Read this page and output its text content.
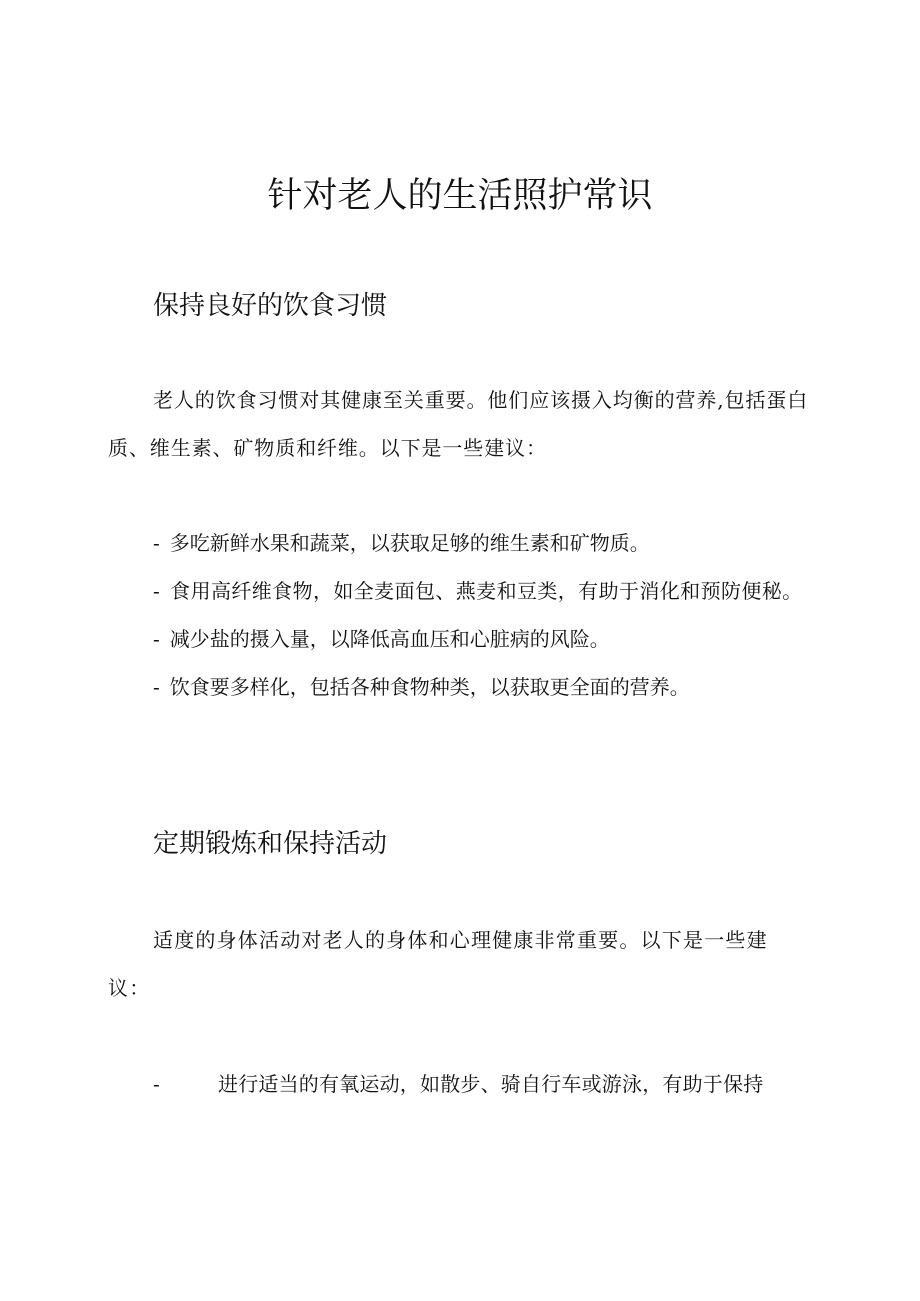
针对老人的生活照护常识
保持良好的饮食习惯

老人的饮食习惯对其健康至关重要。他们应该摄入均衡的营养,包括蛋白质、维生素、矿物质和纤维。以下是一些建议：

- 多吃新鲜水果和蔬菜，以获取足够的维生素和矿物质。
- 食用高纤维食物，如全麦面包、燕麦和豆类，有助于消化和预防便秘。
- 减少盐的摄入量，以降低高血压和心脏病的风险。
- 饮食要多样化，包括各种食物种类，以获取更全面的营养。
定期锻炼和保持活动

适度的身体活动对老人的身体和心理健康非常重要。以下是一些建议：

-	进行适当的有氧运动，如散步、骑自行车或游泳，有助于保持
